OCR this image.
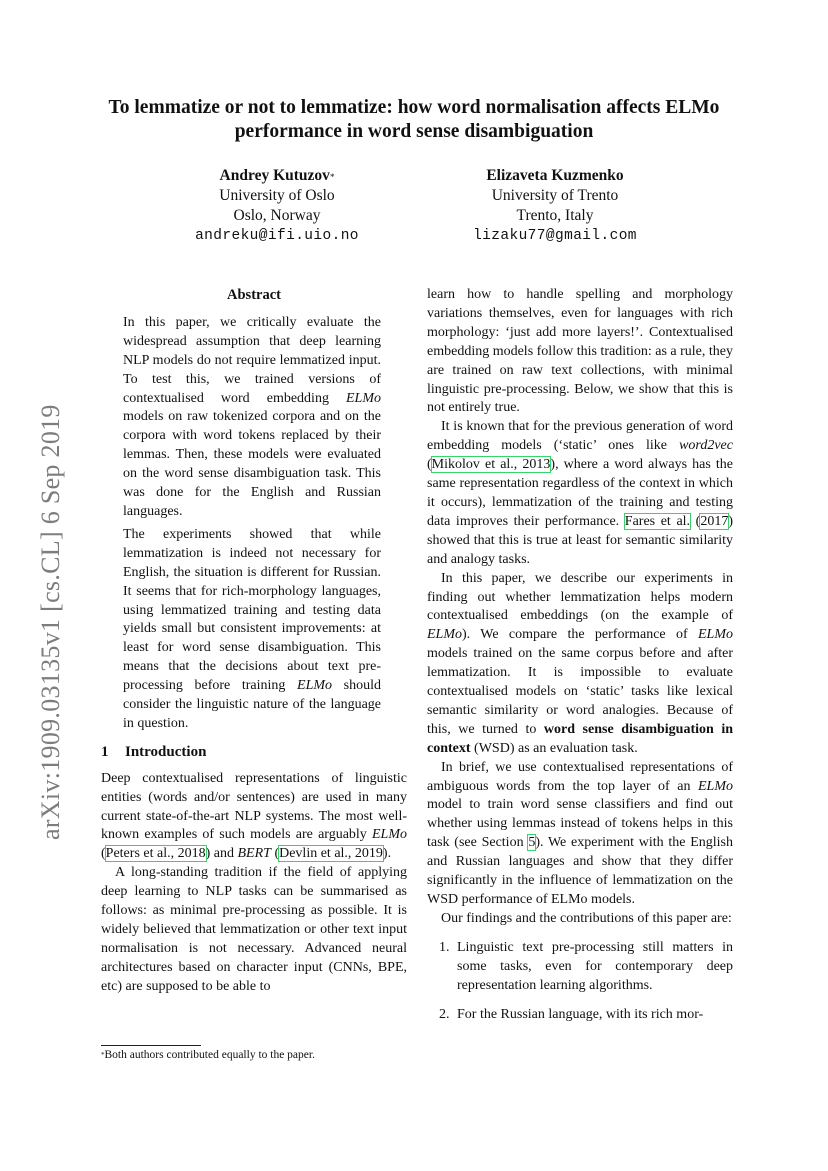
arXiv:1909.03135v1 [cs.CL] 6 Sep 2019
To lemmatize or not to lemmatize: how word normalisation affects ELMo
performance in word sense disambiguation
Andrey Kutuzov*
University of Oslo
Oslo, Norway
andreku@ifi.uio.no
Elizaveta Kuzmenko
University of Trento
Trento, Italy
lizaku77@gmail.com
Abstract

In this paper, we critically evaluate the widespread assumption that deep learning NLP models do not require lemmatized input. To test this, we trained versions of contextualised word embedding ELMo models on raw tokenized corpora and on the corpora with word tokens replaced by their lemmas. Then, these models were evaluated on the word sense disambiguation task. This was done for the English and Russian languages.

The experiments showed that while lemmatization is indeed not necessary for English, the situation is different for Russian. It seems that for rich-morphology languages, using lemmatized training and testing data yields small but consistent improvements: at least for word sense disambiguation. This means that the decisions about text pre-processing before training ELMo should consider the linguistic nature of the language in question.

1 Introduction

Deep contextualised representations of linguistic entities (words and/or sentences) are used in many current state-of-the-art NLP systems. The most well-known examples of such models are arguably ELMo (Peters et al., 2018) and BERT (Devlin et al., 2019).

A long-standing tradition if the field of applying deep learning to NLP tasks can be summarised as follows: as minimal pre-processing as possible. It is widely believed that lemmatization or other text input normalisation is not necessary. Advanced neural architectures based on character input (CNNs, BPE, etc) are supposed to be able to

*Both authors contributed equally to the paper.

learn how to handle spelling and morphology variations themselves, even for languages with rich morphology: ‘just add more layers!’. Contextualised embedding models follow this tradition: as a rule, they are trained on raw text collections, with minimal linguistic pre-processing. Below, we show that this is not entirely true.

It is known that for the previous generation of word embedding models (‘static’ ones like word2vec (Mikolov et al., 2013), where a word always has the same representation regardless of the context in which it occurs), lemmatization of the training and testing data improves their performance. Fares et al. (2017) showed that this is true at least for semantic similarity and analogy tasks.

In this paper, we describe our experiments in finding out whether lemmatization helps modern contextualised embeddings (on the example of ELMo). We compare the performance of ELMo models trained on the same corpus before and after lemmatization. It is impossible to evaluate contextualised models on ‘static’ tasks like lexical semantic similarity or word analogies. Because of this, we turned to word sense disambiguation in context (WSD) as an evaluation task.

In brief, we use contextualised representations of ambiguous words from the top layer of an ELMo model to train word sense classifiers and find out whether using lemmas instead of tokens helps in this task (see Section 5). We experiment with the English and Russian languages and show that they differ significantly in the influence of lemmatization on the WSD performance of ELMo models.

Our findings and the contributions of this paper are:

1. Linguistic text pre-processing still matters in some tasks, even for contemporary deep representation learning algorithms.
2. For the Russian language, with its rich mor-
